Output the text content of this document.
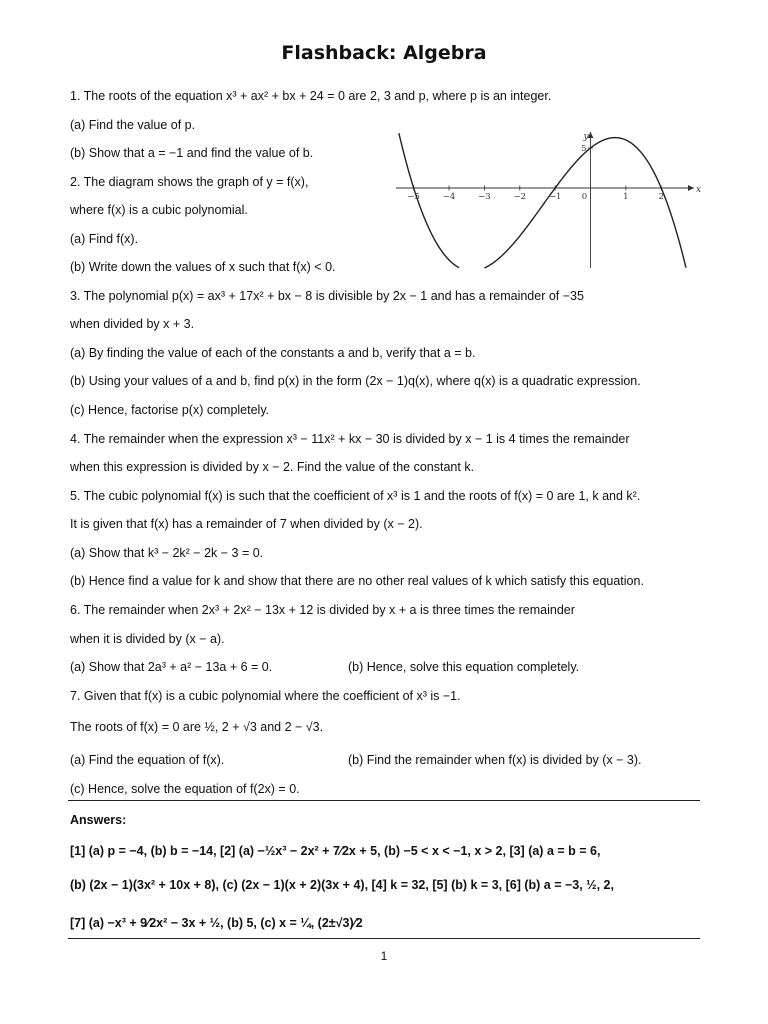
Flashback: Algebra
1. The roots of the equation x³ + ax² + bx + 24 = 0 are 2, 3 and p, where p is an integer.
(a) Find the value of p.
(b) Show that a = −1 and find the value of b.
2. The diagram shows the graph of y = f(x),
where f(x) is a cubic polynomial.
(a) Find f(x).
(b) Write down the values of x such that f(x) < 0.
3. The polynomial p(x) = ax³ + 17x² + bx − 8 is divisible by 2x − 1 and has a remainder of −35
when divided by x + 3.
(a) By finding the value of each of the constants a and b, verify that a = b.
(b) Using your values of a and b, find p(x) in the form (2x − 1)q(x), where q(x) is a quadratic expression.
(c) Hence, factorise p(x) completely.
4. The remainder when the expression x³ − 11x² + kx − 30 is divided by x − 1 is 4 times the remainder
when this expression is divided by x − 2. Find the value of the constant k.
5. The cubic polynomial f(x) is such that the coefficient of x³ is 1 and the roots of f(x) = 0 are 1, k and k².
It is given that f(x) has a remainder of 7 when divided by (x − 2).
(a) Show that k³ − 2k² − 2k − 3 = 0.
(b) Hence find a value for k and show that there are no other real values of k which satisfy this equation.
6. The remainder when 2x³ + 2x² − 13x + 12 is divided by x + a is three times the remainder
when it is divided by (x − a).
(a) Show that 2a³ + a² − 13a + 6 = 0.	(b) Hence, solve this equation completely.
7. Given that f(x) is a cubic polynomial where the coefficient of x³ is −1.
The roots of f(x) = 0 are ½, 2 + √3 and 2 − √3.
(a) Find the equation of f(x).	(b) Find the remainder when f(x) is divided by (x − 3).
(c) Hence, solve the equation of f(2x) = 0.
Answers:
[1] (a) p = −4, (b) b = −14, [2] (a) −½x³ − 2x² + 7⁄2x + 5, (b) −5 < x < −1, x > 2, [3] (a) a = b = 6,
(b) (2x − 1)(3x² + 10x + 8), (c) (2x − 1)(x + 2)(3x + 4), [4] k = 32, [5] (b) k = 3, [6] (b) a = −3, ½, 2,
[7] (a) −x³ + 9⁄2x² − 3x + ½, (b) 5, (c) x = ¼, (2±√3)⁄2
1
x
y
−5	−4	−3	−2	−1 0	1	2
5
